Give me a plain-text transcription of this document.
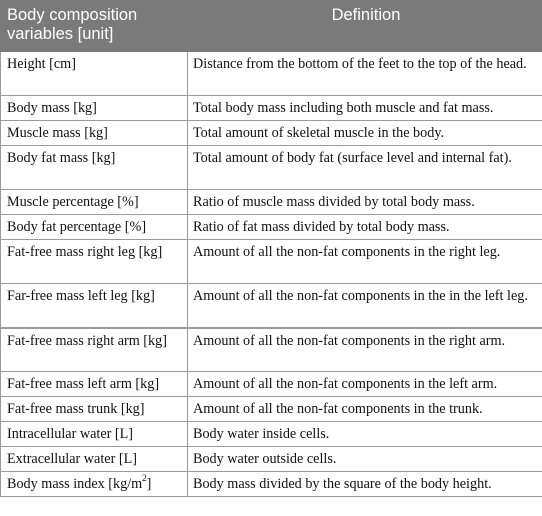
Body composition variables [unit]	Definition
Height [cm]	Distance from the bottom of the feet to the top of the head.
Body mass [kg]	Total body mass including both muscle and fat mass.
Muscle mass [kg]	Total amount of skeletal muscle in the body.
Body fat mass [kg]	Total amount of body fat (surface level and internal fat).
Muscle percentage [%]	Ratio of muscle mass divided by total body mass.
Body fat percentage [%]	Ratio of fat mass divided by total body mass.
Fat-free mass right leg [kg]	Amount of all the non-fat components in the right leg.
Far-free mass left leg [kg]	Amount of all the non-fat components in the in the left leg.
Fat-free mass right arm [kg]	Amount of all the non-fat components in the right arm.
Fat-free mass left arm [kg]	Amount of all the non-fat components in the left arm.
Fat-free mass trunk [kg]	Amount of all the non-fat components in the trunk.
Intracellular water [L]	Body water inside cells.
Extracellular water [L]	Body water outside cells.
Body mass index $[kg/m^2]$	Body mass divided by the square of the body height.
